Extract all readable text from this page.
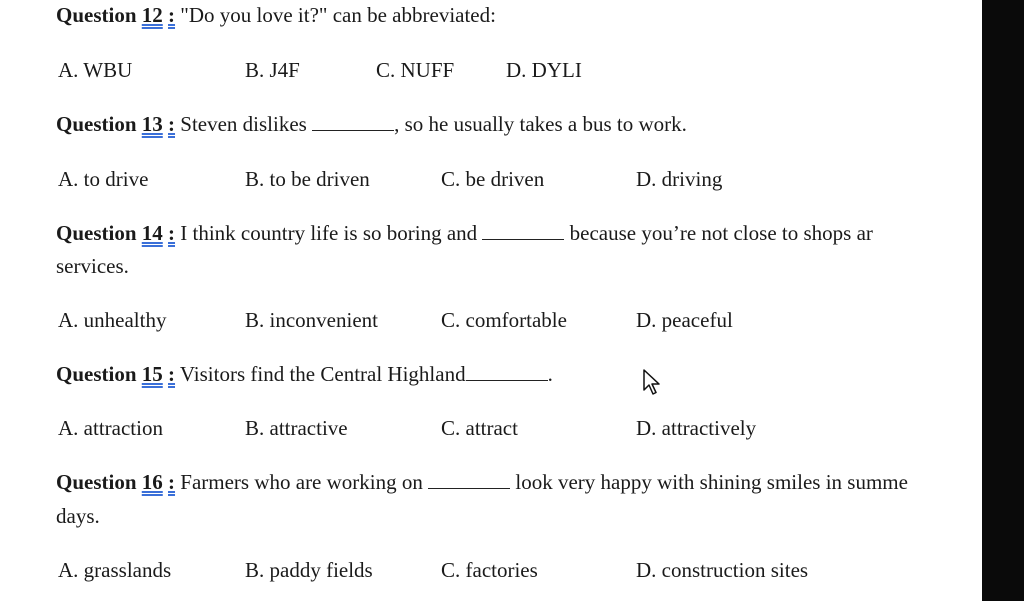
Question 12 : "Do you love it?" can be abbreviated:
A. WBU	B. J4F	C. NUFF D. DYLI
Question 13 : Steven dislikes	, so he usually takes a bus to work.
A. to drive	B. to be driven	C. be driven	D. driving
Question 14 : I think country life is so boring and	because you’re not close to shops ar
services.
A. unhealthy	B. inconvenient	C. comfortable	D. peaceful
Question 15 : Visitors find the Central Highland	.
A. attraction	B. attractive	C. attract	D. attractively
Question 16 : Farmers who are working on	look very happy with shining smiles in summe
days.
A. grasslands	B. paddy fields	C. factories	D. construction sites
